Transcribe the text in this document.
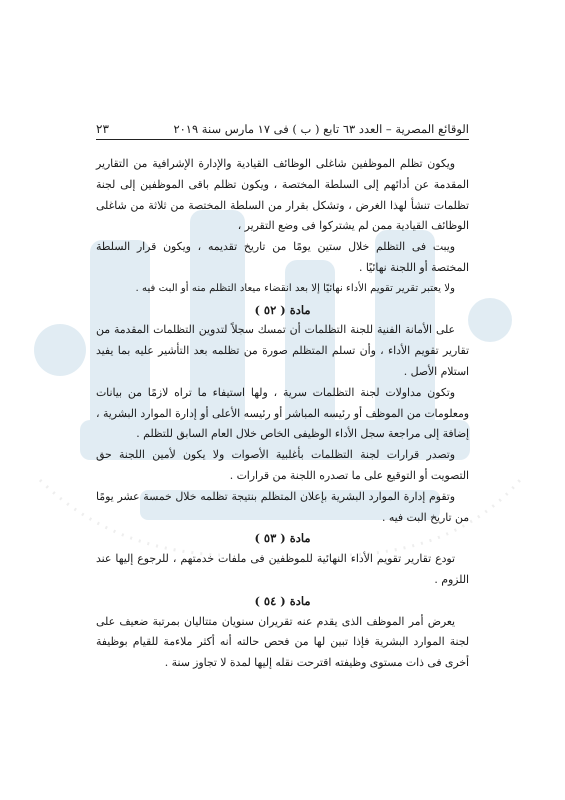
الوقائع المصرية – العدد ٦٣ تابع ( ب ) فى ١٧ مارس سنة ٢٠١٩
٢٣

ويكون تظلم الموظفين شاغلى الوظائف القيادية والإدارة الإشرافية من التقارير المقدمة عن أدائهم إلى السلطة المختصة ، ويكون تظلم باقى الموظفين إلى لجنة تظلمات تنشأ لهذا الغرض ، وتشكل بقرار من السلطة المختصة من ثلاثة من شاغلى الوظائف القيادية ممن لم يشتركوا فى وضع التقرير ،

ويبت فى التظلم خلال ستين يومًا من تاريخ تقديمه ، ويكون قرار السلطة المختصة أو اللجنة نهائيًا .

ولا يعتبر تقرير تقويم الأداء نهائيًا إلا بعد انقضاء ميعاد التظلم منه أو البت فيه .

مادة ( ٥٢ )

على الأمانة الفنية للجنة التظلمات أن تمسك سجلاً لتدوين التظلمات المقدمة من تقارير تقويم الأداء ، وأن تسلم المتظلم صورة من تظلمه بعد التأشير عليه بما يفيد استلام الأصل .

وتكون مداولات لجنة التظلمات سرية ، ولها استيفاء ما تراه لازمًا من بيانات ومعلومات من الموظف أو رئيسه المباشر أو رئيسه الأعلى أو إدارة الموارد البشرية ، إضافة إلى مراجعة سجل الأداء الوظيفى الخاص خلال العام السابق للتظلم .

وتصدر قرارات لجنة التظلمات بأغلبية الأصوات ولا يكون لأمين اللجنة حق التصويت أو التوقيع على ما تصدره اللجنة من قرارات .

وتقوم إدارة الموارد البشرية بإعلان المتظلم بنتيجة تظلمه خلال خمسة عشر يومًا من تاريخ البت فيه .

مادة ( ٥٣ )

تودع تقارير تقويم الأداء النهائية للموظفين فى ملفات خدمتهم ، للرجوع إليها عند اللزوم .

مادة ( ٥٤ )

يعرض أمر الموظف الذى يقدم عنه تقريران سنويان متتاليان بمرتبة ضعيف على لجنة الموارد البشرية فإذا تبين لها من فحص حالته أنه أكثر ملاءمة للقيام بوظيفة أخرى فى ذات مستوى وظيفته اقترحت نقله إليها لمدة لا تجاوز سنة .
